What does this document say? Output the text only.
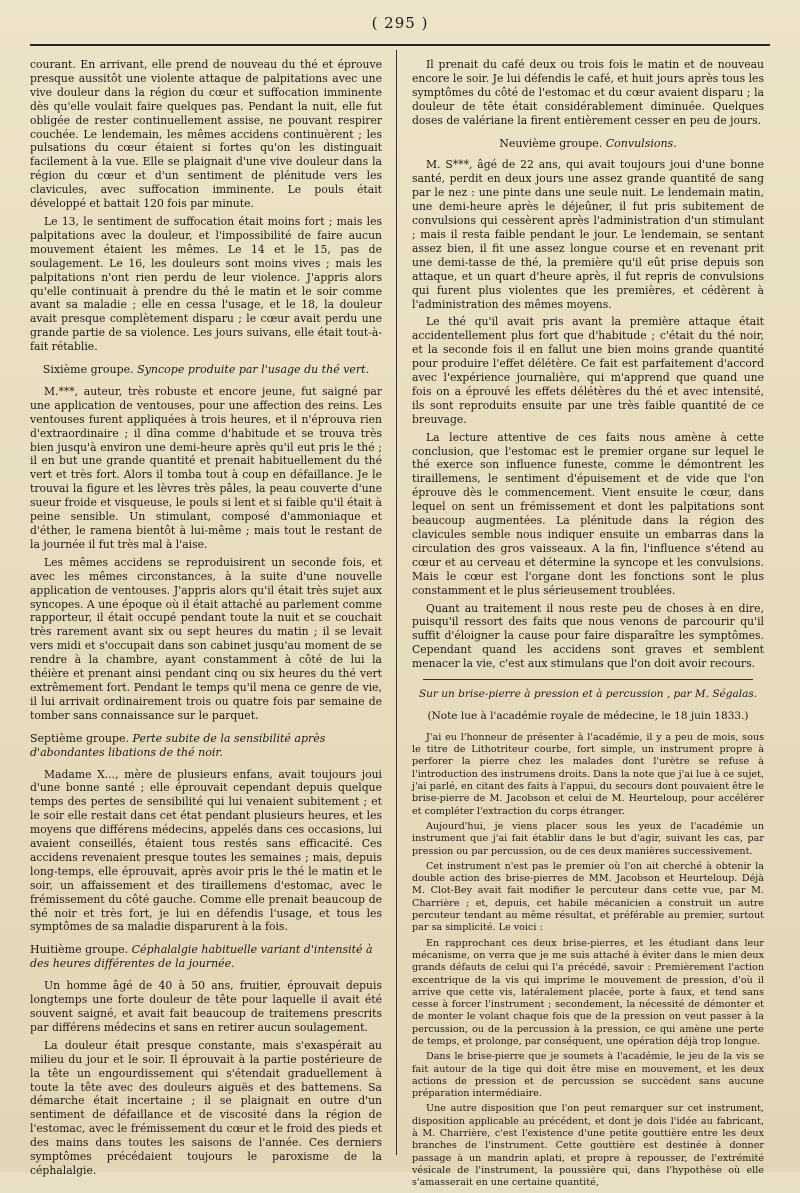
( 295 )

courant. En arrivant, elle prend de nouveau du thé et éprouve presque aussitôt une violente attaque de palpitations avec une vive douleur dans la région du cœur et suffocation imminente dès qu'elle voulait faire quelques pas. Pendant la nuit, elle fut obligée de rester continuellement assise, ne pouvant respirer couchée. Le lendemain, les mêmes accidens continuèrent ; les pulsations du cœur étaient si fortes qu'on les distinguait facilement à la vue. Elle se plaignait d'une vive douleur dans la région du cœur et d'un sentiment de plénitude vers les clavicules, avec suffocation imminente. Le pouls était développé et battait 120 fois par minute.

Le 13, le sentiment de suffocation était moins fort ; mais les palpitations avec la douleur, et l'impossibilité de faire aucun mouvement étaient les mêmes. Le 14 et le 15, pas de soulagement. Le 16, les douleurs sont moins vives ; mais les palpitations n'ont rien perdu de leur violence. J'appris alors qu'elle continuait à prendre du thé le matin et le soir comme avant sa maladie ; elle en cessa l'usage, et le 18, la douleur avait presque complètement disparu ; le cœur avait perdu une grande partie de sa violence. Les jours suivans, elle était tout-à-fait rétablie.

Sixième groupe. Syncope produite par l'usage du thé vert.

M.***, auteur, très robuste et encore jeune, fut saigné par une application de ventouses, pour une affection des reins. Les ventouses furent appliquées à trois heures, et il n'éprouva rien d'extraordinaire ; il dîna comme d'habitude et se trouva très bien jusqu'à environ une demi-heure après qu'il eut pris le thé ; il en but une grande quantité et prenait habituellement du thé vert et très fort. Alors il tomba tout à coup en défaillance. Je le trouvai la figure et les lèvres très pâles, la peau couverte d'une sueur froide et visqueuse, le pouls si lent et si faible qu'il était à peine sensible. Un stimulant, composé d'ammoniaque et d'éther, le ramena bientôt à lui-même ; mais tout le restant de la journée il fut très mal à l'aise.

Les mêmes accidens se reproduisirent un seconde fois, et avec les mêmes circonstances, à la suite d'une nouvelle application de ventouses. J'appris alors qu'il était très sujet aux syncopes. A une époque où il était attaché au parlement comme rapporteur, il était occupé pendant toute la nuit et se couchait très rarement avant six ou sept heures du matin ; il se levait vers midi et s'occupait dans son cabinet jusqu'au moment de se rendre à la chambre, ayant constamment à côté de lui la théière et prenant ainsi pendant cinq ou six heures du thé vert extrêmement fort. Pendant le temps qu'il mena ce genre de vie, il lui arrivait ordinairement trois ou quatre fois par semaine de tomber sans connaissance sur le parquet.

Septième groupe. Perte subite de la sensibilité après d'abondantes libations de thé noir.

Madame X..., mère de plusieurs enfans, avait toujours joui d'une bonne santé ; elle éprouvait cependant depuis quelque temps des pertes de sensibilité qui lui venaient subitement ; et le soir elle restait dans cet état pendant plusieurs heures, et les moyens que différens médecins, appelés dans ces occasions, lui avaient conseillés, étaient tous restés sans efficacité. Ces accidens revenaient presque toutes les semaines ; mais, depuis long-temps, elle éprouvait, après avoir pris le thé le matin et le soir, un affaissement et des tiraillemens d'estomac, avec le frémissement du côté gauche. Comme elle prenait beaucoup de thé noir et très fort, je lui en défendis l'usage, et tous les symptômes de sa maladie disparurent à la fois.

Huitième groupe. Céphalalgie habituelle variant d'intensité à des heures différentes de la journée.

Un homme âgé de 40 à 50 ans, fruitier, éprouvait depuis longtemps une forte douleur de tête pour laquelle il avait été souvent saigné, et avait fait beaucoup de traitemens prescrits par différens médecins et sans en retirer aucun soulagement.

La douleur était presque constante, mais s'exaspérait au milieu du jour et le soir. Il éprouvait à la partie postérieure de la tête un engourdissement qui s'étendait graduellement à toute la tête avec des douleurs aiguës et des battemens. Sa démarche était incertaine ; il se plaignait en outre d'un sentiment de défaillance et de viscosité dans la région de l'estomac, avec le frémissement du cœur et le froid des pieds et des mains dans toutes les saisons de l'année. Ces derniers symptômes précédaient toujours le paroxisme de la céphalalgie.

Il prenait du café deux ou trois fois le matin et de nouveau encore le soir. Je lui défendis le café, et huit jours après tous les symptômes du côté de l'estomac et du cœur avaient disparu ; la douleur de tête était considérablement diminuée. Quelques doses de valériane la firent entièrement cesser en peu de jours.

Neuvième groupe. Convulsions.

M. S***, âgé de 22 ans, qui avait toujours joui d'une bonne santé, perdit en deux jours une assez grande quantité de sang par le nez : une pinte dans une seule nuit. Le lendemain matin, une demi-heure après le déjeûner, il fut pris subitement de convulsions qui cessèrent après l'administration d'un stimulant ; mais il resta faible pendant le jour. Le lendemain, se sentant assez bien, il fit une assez longue course et en revenant prit une demi-tasse de thé, la première qu'il eût prise depuis son attaque, et un quart d'heure après, il fut repris de convulsions qui furent plus violentes que les premières, et cédèrent à l'administration des mêmes moyens.

Le thé qu'il avait pris avant la première attaque était accidentellement plus fort que d'habitude ; c'était du thé noir, et la seconde fois il en fallut une bien moins grande quantité pour produire l'effet délétère. Ce fait est parfaitement d'accord avec l'expérience journalière, qui m'apprend que quand une fois on a éprouvé les effets délétères du thé et avec intensité, ils sont reproduits ensuite par une très faible quantité de ce breuvage.

La lecture attentive de ces faits nous amène à cette conclusion, que l'estomac est le premier organe sur lequel le thé exerce son influence funeste, comme le démontrent les tiraillemens, le sentiment d'épuisement et de vide que l'on éprouve dès le commencement. Vient ensuite le cœur, dans lequel on sent un frémissement et dont les palpitations sont beaucoup augmentées. La plénitude dans la région des clavicules semble nous indiquer ensuite un embarras dans la circulation des gros vaisseaux. A la fin, l'influence s'étend au cœur et au cerveau et détermine la syncope et les convulsions. Mais le cœur est l'organe dont les fonctions sont le plus constamment et le plus sérieusement troublées.

Quant au traitement il nous reste peu de choses à en dire, puisqu'il ressort des faits que nous venons de parcourir qu'il suffit d'éloigner la cause pour faire disparaître les symptômes. Cependant quand les accidens sont graves et semblent menacer la vie, c'est aux stimulans que l'on doit avoir recours.

Sur un brise-pierre à pression et à percussion , par M. Ségalas.
(Note lue à l'académie royale de médecine, le 18 juin 1833.)

J'ai eu l'honneur de présenter à l'académie, il y a peu de mois, sous le titre de Lithotriteur courbe, fort simple, un instrument propre à perforer la pierre chez les malades dont l'urètre se refuse à l'introduction des instrumens droits. Dans la note que j'ai lue à ce sujet, j'ai parlé, en citant des faits à l'appui, du secours dont pouvaient être le brise-pierre de M. Jacobson et celui de M. Heurteloup, pour accélérer et compléter l'extraction du corps étranger.

Aujourd'hui, je viens placer sous les yeux de l'académie un instrument que j'ai fait établir dans le but d'agir, suivant les cas, par pression ou par percussion, ou de ces deux manières successivement.

Cet instrument n'est pas le premier où l'on ait cherché à obtenir la double action des brise-pierres de MM. Jacobson et Heurteloup. Déjà M. Clot-Bey avait fait modifier le percuteur dans cette vue, par M. Charrière ; et, depuis, cet habile mécanicien a construit un autre percuteur tendant au même résultat, et préférable au premier, surtout par sa simplicité. Le voici :

En rapprochant ces deux brise-pierres, et les étudiant dans leur mécanisme, on verra que je me suis attaché à éviter dans le mien deux grands défauts de celui qui l'a précédé, savoir : Premièrement l'action excentrique de la vis qui imprime le mouvement de pression, d'où il arrive que cette vis, latéralement placée, porte à faux, et tend sans cesse à forcer l'instrument ; secondement, la nécessité de démonter et de monter le volant chaque fois que de la pression on veut passer à la percussion, ou de la percussion à la pression, ce qui amène une perte de temps, et prolonge, par conséquent, une opération déjà trop longue.

Dans le brise-pierre que je soumets à l'académie, le jeu de la vis se fait autour de la tige qui doit être mise en mouvement, et les deux actions de pression et de percussion se succèdent sans aucune préparation intermédiaire.

Une autre disposition que l'on peut remarquer sur cet instrument, disposition applicable au précédent, et dont je dois l'idée au fabricant, à M. Charrière, c'est l'existence d'une petite gouttière entre les deux branches de l'instrument. Cette gouttière est destinée à donner passage à un mandrin aplati, et propre à repousser, de l'extrémité vésicale de l'instrument, la poussière qui, dans l'hypothèse où elle s'amasserait en une certaine quantité,
